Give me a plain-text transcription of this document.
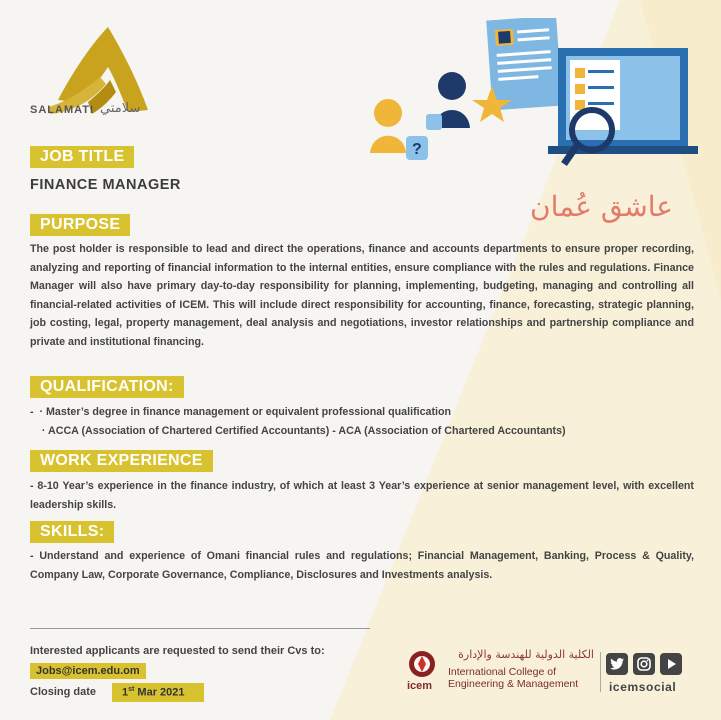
SALAMATI سلامتي
?
عاشق عُمان
JOB TITLE
FINANCE MANAGER
PURPOSE
The post holder is responsible to lead and direct the operations, finance and accounts departments to ensure proper recording, analyzing and reporting of financial information to the internal entities, ensure compliance with the rules and regulations. Finance Manager will also have primary day-to-day responsibility for planning, implementing, budgeting, managing and controlling all financial-related activities of ICEM. This will include direct responsibility for accounting, finance, forecasting, strategic planning, job costing, legal, property management, deal analysis and negotiations, investor relationships and partnership compliance and private and institutional financing.
QUALIFICATION:
-  · Master’s degree in finance management or equivalent professional qualification
· ACCA (Association of Chartered Certified Accountants) - ACA (Association of Chartered Accountants)
WORK EXPERIENCE
- 8-10 Year’s experience in the finance industry, of which at least 3 Year’s experience at senior management level, with excellent leadership skills.
SKILLS:
- Understand and experience of Omani financial rules and regulations; Financial Management, Banking, Process & Quality, Company Law, Corporate Governance, Compliance, Disclosures and Investments analysis.
Interested applicants are requested to send their Cvs to:
Jobs@icem.edu.om
Closing date	1st Mar 2021
icem
الكلية الدولية للهندسة والإدارة
International College of
Engineering & Management	icemsocial
